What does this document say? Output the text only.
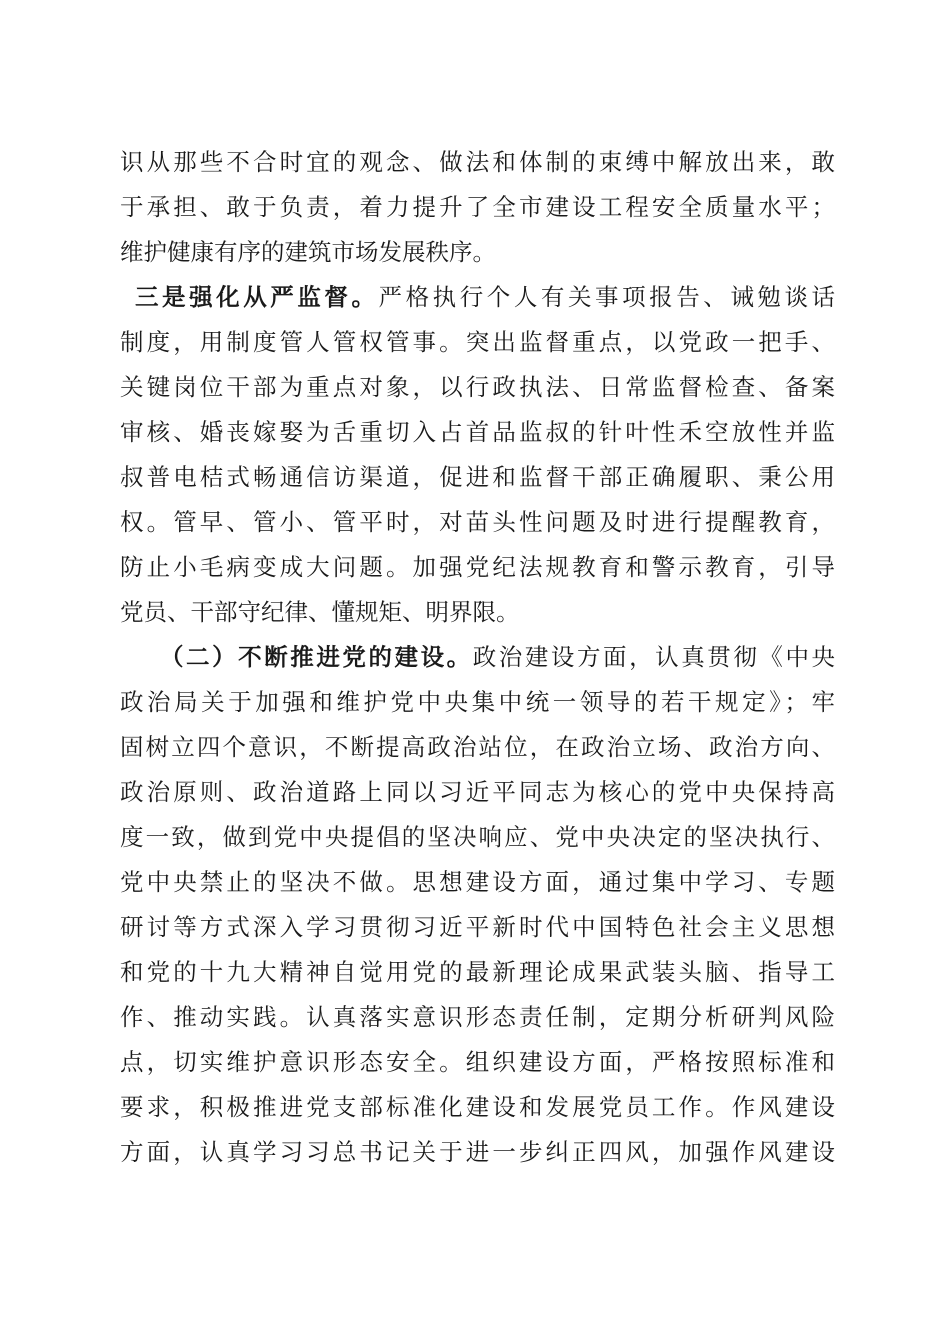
识从那些不合时宜的观念、做法和体制的束缚中解放出来，敢
于承担、敢于负责，着力提升了全市建设工程安全质量水平；
维护健康有序的建筑市场发展秩序。
三是强化从严监督。严格执行个人有关事项报告、诫勉谈话
制度，用制度管人管权管事。突出监督重点，以党政一把手、
关键岗位干部为重点对象，以行政执法、日常监督检查、备案
审核、婚丧嫁娶为舌重切入占首品监叔的针叶性禾空放性并监
叔普电桔式畅通信访渠道，促进和监督干部正确履职、秉公用
权。管早、管小、管平时，对苗头性问题及时进行提醒教育，
防止小毛病变成大问题。加强党纪法规教育和警示教育，引导
党员、干部守纪律、懂规矩、明界限。
（二）不断推进党的建设。政治建设方面，认真贯彻《中央
政治局关于加强和维护党中央集中统一领导的若干规定》；牢
固树立四个意识，不断提高政治站位，在政治立场、政治方向、
政治原则、政治道路上同以习近平同志为核心的党中央保持高
度一致，做到党中央提倡的坚决响应、党中央决定的坚决执行、
党中央禁止的坚决不做。思想建设方面，通过集中学习、专题
研讨等方式深入学习贯彻习近平新时代中国特色社会主义思想
和党的十九大精神自觉用党的最新理论成果武装头脑、指导工
作、推动实践。认真落实意识形态责任制，定期分析研判风险
点，切实维护意识形态安全。组织建设方面，严格按照标准和
要求，积极推进党支部标准化建设和发展党员工作。作风建设
方面，认真学习习总书记关于进一步纠正四风，加强作风建设
